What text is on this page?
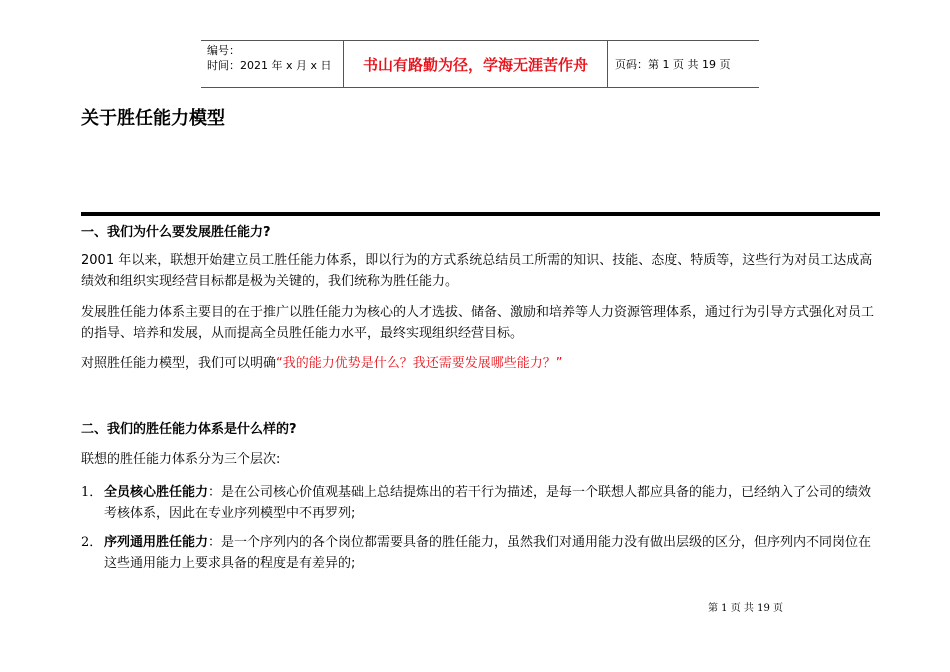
编号：
时间：2021 年 x 月 x 日	书山有路勤为径，学海无涯苦作舟	页码：第 1 页 共 19 页
关于胜任能力模型
一、我们为什么要发展胜任能力?

2001 年以来，联想开始建立员工胜任能力体系，即以行为的方式系统总结员工所需的知识、技能、态度、特质等，这些行为对员工达成高绩效和组织实现经营目标都是极为关键的，我们统称为胜任能力。

发展胜任能力体系主要目的在于推广以胜任能力为核心的人才选拔、储备、激励和培养等人力资源管理体系，通过行为引导方式强化对员工的指导、培养和发展，从而提高全员胜任能力水平，最终实现组织经营目标。

对照胜任能力模型，我们可以明确“我的能力优势是什么？我还需要发展哪些能力？”

二、我们的胜任能力体系是什么样的?

联想的胜任能力体系分为三个层次:

1． 全员核心胜任能力：是在公司核心价值观基础上总结提炼出的若干行为描述，是每一个联想人都应具备的能力，已经纳入了公司的绩效考核体系，因此在专业序列模型中不再罗列;
2． 序列通用胜任能力：是一个序列内的各个岗位都需要具备的胜任能力，虽然我们对通用能力没有做出层级的区分，但序列内不同岗位在这些通用能力上要求具备的程度是有差异的;
第 1 页 共 19 页
